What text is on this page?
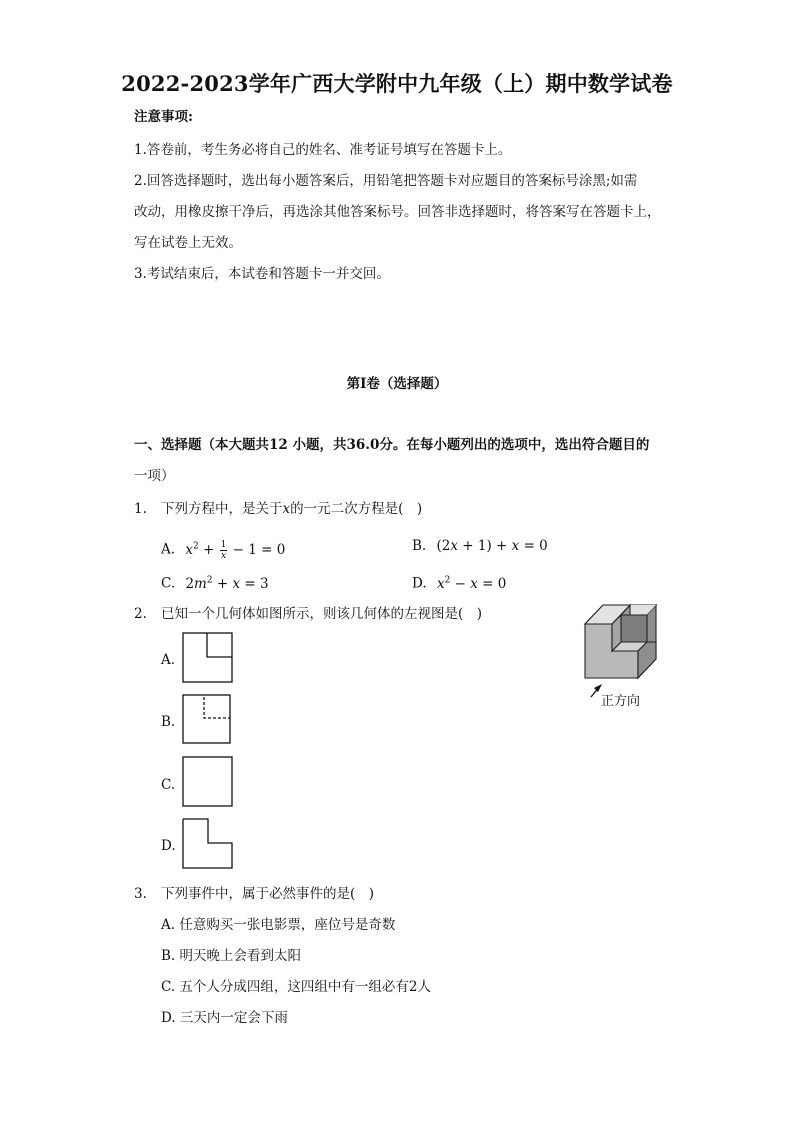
2022-2023学年广西大学附中九年级（上）期中数学试卷
注意事项:
1.答卷前，考生务必将自己的姓名、准考证号填写在答题卡上。
2.回答选择题时，选出每小题答案后，用铅笔把答题卡对应题目的答案标号涂黑;如需
改动，用橡皮擦干净后，再选涂其他答案标号。回答非选择题时，将答案写在答题卡上，
写在试卷上无效。
3.考试结束后，本试卷和答题卡一并交回。
第I卷（选择题）
一、选择题（本大题共12 小题，共36.0分。在每小题列出的选项中，选出符合题目的
一项）
1. 下列方程中，是关于x的一元二次方程是(　)
A. $x^2 + \frac{1}{x} - 1 = 0$	B. (2x + 1) + x = 0
C. $2m^2 + x = 3$	D. $x^2 - x = 0$
2. 已知一个几何体如图所示，则该几何体的左视图是(　)
A.
B.
C.
D.
正方向
3. 下列事件中，属于必然事件的是(　)
A. 任意购买一张电影票，座位号是奇数
B. 明天晚上会看到太阳
C. 五个人分成四组，这四组中有一组必有2人
D. 三天内一定会下雨
